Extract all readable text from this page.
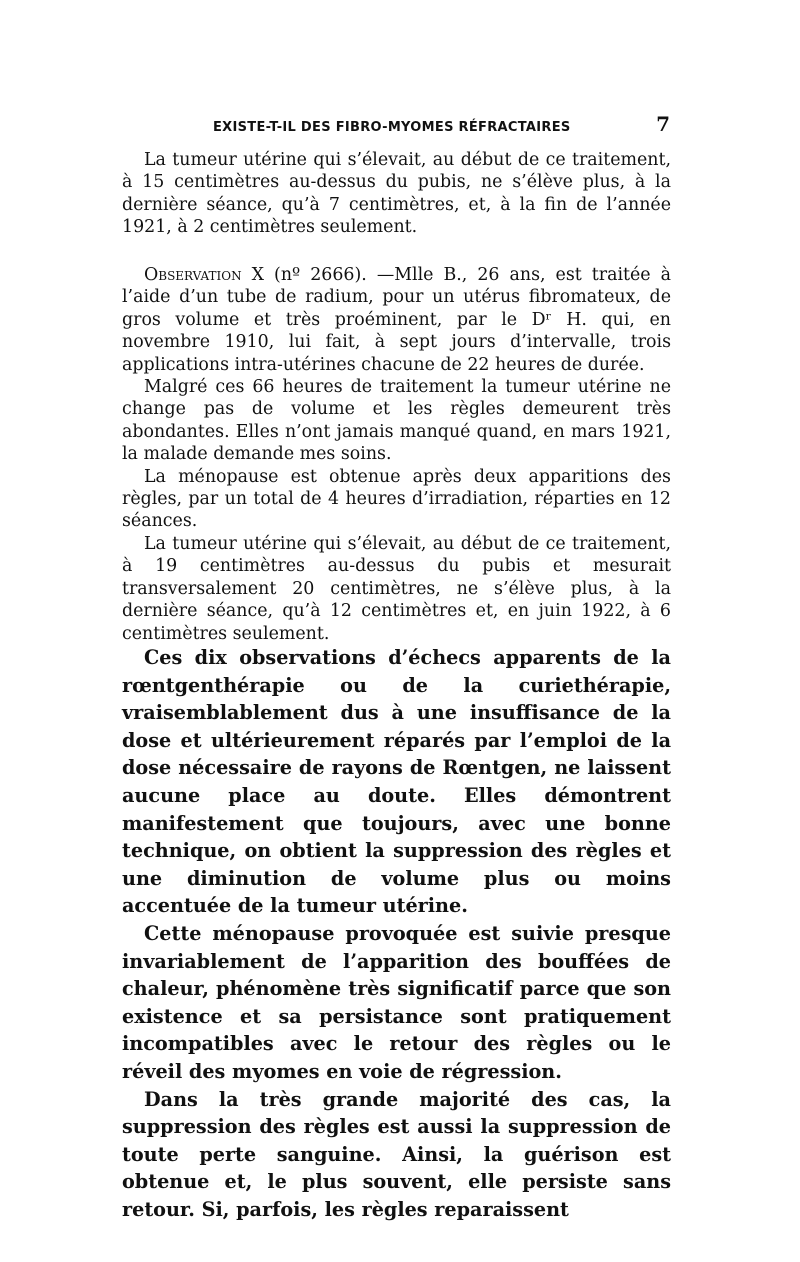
EXISTE-T-IL DES FIBRO-MYOMES RÉFRACTAIRES	7

La tumeur utérine qui s’élevait, au début de ce traitement, à 15 centimètres au-dessus du pubis, ne s’élève plus, à la dernière séance, qu’à 7 centimètres, et, à la fin de l’année 1921, à 2 centimètres seulement.

Observation X (nº 2666). —Mlle B., 26 ans, est traitée à l’aide d’un tube de radium, pour un utérus fibromateux, de gros volume et très proéminent, par le Dʳ H. qui, en novembre 1910, lui fait, à sept jours d’intervalle, trois applications intra-utérines chacune de 22 heures de durée.

Malgré ces 66 heures de traitement la tumeur utérine ne change pas de volume et les règles demeurent très abondantes. Elles n’ont jamais manqué quand, en mars 1921, la malade demande mes soins.

La ménopause est obtenue après deux apparitions des règles, par un total de 4 heures d’irradiation, réparties en 12 séances.

La tumeur utérine qui s’élevait, au début de ce traitement, à 19 centimètres au-dessus du pubis et mesurait transversalement 20 centimètres, ne s’élève plus, à la dernière séance, qu’à 12 centimètres et, en juin 1922, à 6 centimètres seulement.

Ces dix observations d’échecs apparents de la rœntgenthérapie ou de la curiethérapie, vraisemblablement dus à une insuffisance de la dose et ultérieurement réparés par l’emploi de la dose nécessaire de rayons de Rœntgen, ne laissent aucune place au doute. Elles démontrent manifestement que toujours, avec une bonne technique, on obtient la suppression des règles et une diminution de volume plus ou moins accentuée de la tumeur utérine.

Cette ménopause provoquée est suivie presque invariablement de l’apparition des bouffées de chaleur, phénomène très significatif parce que son existence et sa persistance sont pratiquement incompatibles avec le retour des règles ou le réveil des myomes en voie de régression.

Dans la très grande majorité des cas, la suppression des règles est aussi la suppression de toute perte sanguine. Ainsi, la guérison est obtenue et, le plus souvent, elle persiste sans retour. Si, parfois, les règles reparaissent
